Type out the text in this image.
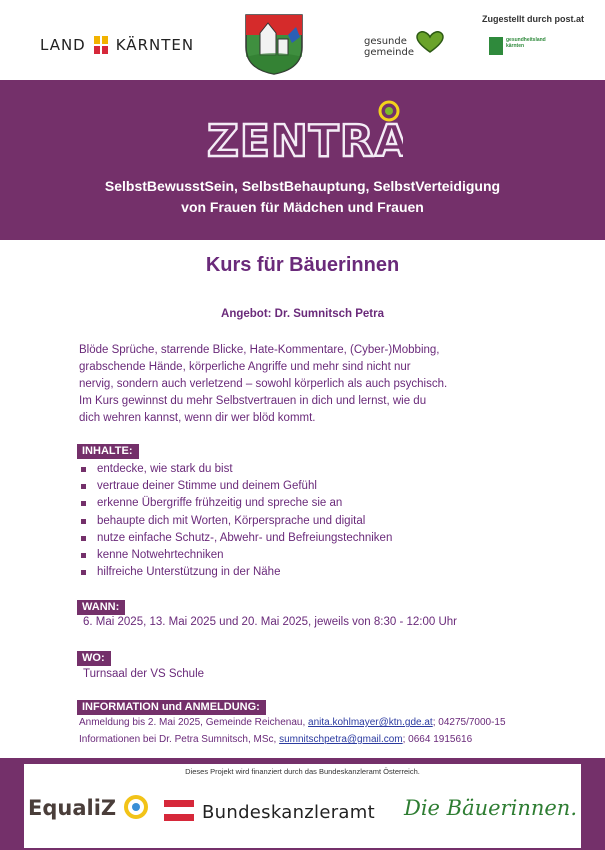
LAND KÄRNTEN	gesunde
gemeinde
Zugestellt durch post.at
gesundheitsland
kärnten
ZENTRA
SelbstBewusstSein, SelbstBehauptung, SelbstVerteidigung
von Frauen für Mädchen und Frauen
Kurs für Bäuerinnen
Angebot: Dr. Sumnitsch Petra
Blöde Sprüche, starrende Blicke, Hate-Kommentare, (Cyber-)Mobbing,
grabschende Hände, körperliche Angriffe und mehr sind nicht nur
nervig, sondern auch verletzend – sowohl körperlich als auch psychisch.
Im Kurs gewinnst du mehr Selbstvertrauen in dich und lernst, wie du
dich wehren kannst, wenn dir wer blöd kommt.
INHALTE:
entdecke, wie stark du bist
vertraue deiner Stimme und deinem Gefühl
erkenne Übergriffe frühzeitig und spreche sie an
behaupte dich mit Worten, Körpersprache und digital
nutze einfache Schutz-, Abwehr- und Befreiungstechniken
kenne Notwehrtechniken
hilfreiche Unterstützung in der Nähe
WANN:
6. Mai 2025, 13. Mai 2025 und 20. Mai 2025, jeweils von 8:30 - 12:00 Uhr
WO:
Turnsaal der VS Schule
INFORMATION und ANMELDUNG:
Anmeldung bis 2. Mai 2025, Gemeinde Reichenau, anita.kohlmayer@ktn.gde.at; 04275/7000-15
Informationen bei Dr. Petra Sumnitsch, MSc, sumnitschpetra@gmail.com; 0664 1915616
Dieses Projekt wird finanziert durch das Bundeskanzleramt Österreich.
EqualiZ	Bundeskanzleramt Die Bäuerinnen.
